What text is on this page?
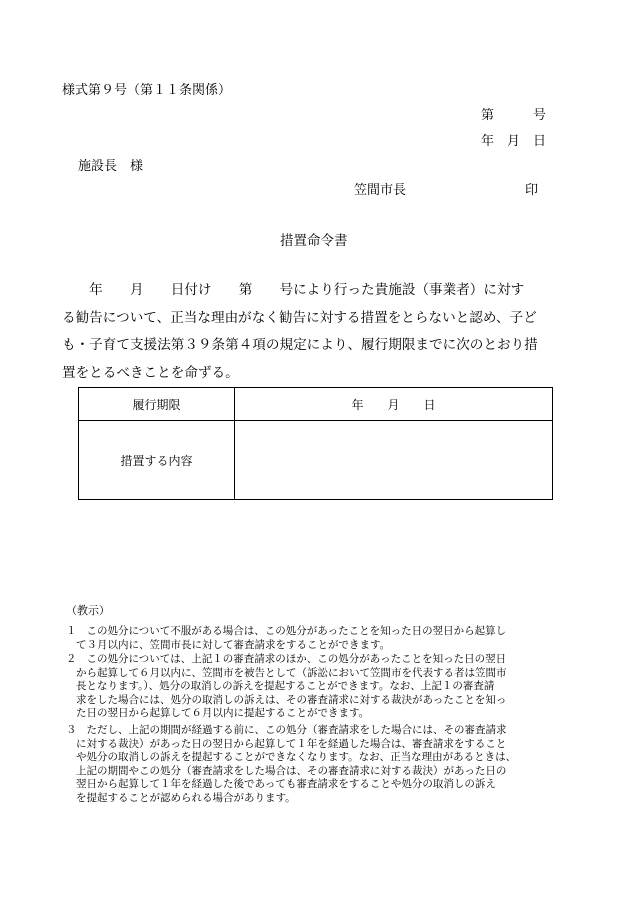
様式第９号（第１１条関係）
第　　　号
年　月　日
施設長　様
笠間市長	印
措置命令書
　　年　　月　　日付け　　第　　号により行った貴施設（事業者）に対す
る勧告について、正当な理由がなく勧告に対する措置をとらないと認め、子ど
も・子育て支援法第３９条第４項の規定により、履行期限までに次のとおり措
置をとるべきことを命ずる。
履行期限	年　　月　　日
措置する内容	
（教示）
１ 　この処分について不服がある場合は、この処分があったことを知った日の翌日から起算し
て３月以内に、笠間市長に対して審査請求をすることができます。
２ 　この処分については、上記１の審査請求のほか、この処分があったことを知った日の翌日
から起算して６月以内に、笠間市を被告として（訴訟において笠間市を代表する者は笠間市
長となります。）、処分の取消しの訴えを提起することができます。なお、上記１の審査請
求をした場合には、処分の取消しの訴えは、その審査請求に対する裁決があったことを知っ
た日の翌日から起算して６月以内に提起することができます。
３ 　ただし、上記の期間が経過する前に、この処分（審査請求をした場合には、その審査請求
に対する裁決）があった日の翌日から起算して１年を経過した場合は、審査請求をすること
や処分の取消しの訴えを提起することができなくなります。なお、正当な理由があるときは、
上記の期間やこの処分（審査請求をした場合は、その審査請求に対する裁決）があった日の
翌日から起算して１年を経過した後であっても審査請求をすることや処分の取消しの訴え
を提起することが認められる場合があります。
